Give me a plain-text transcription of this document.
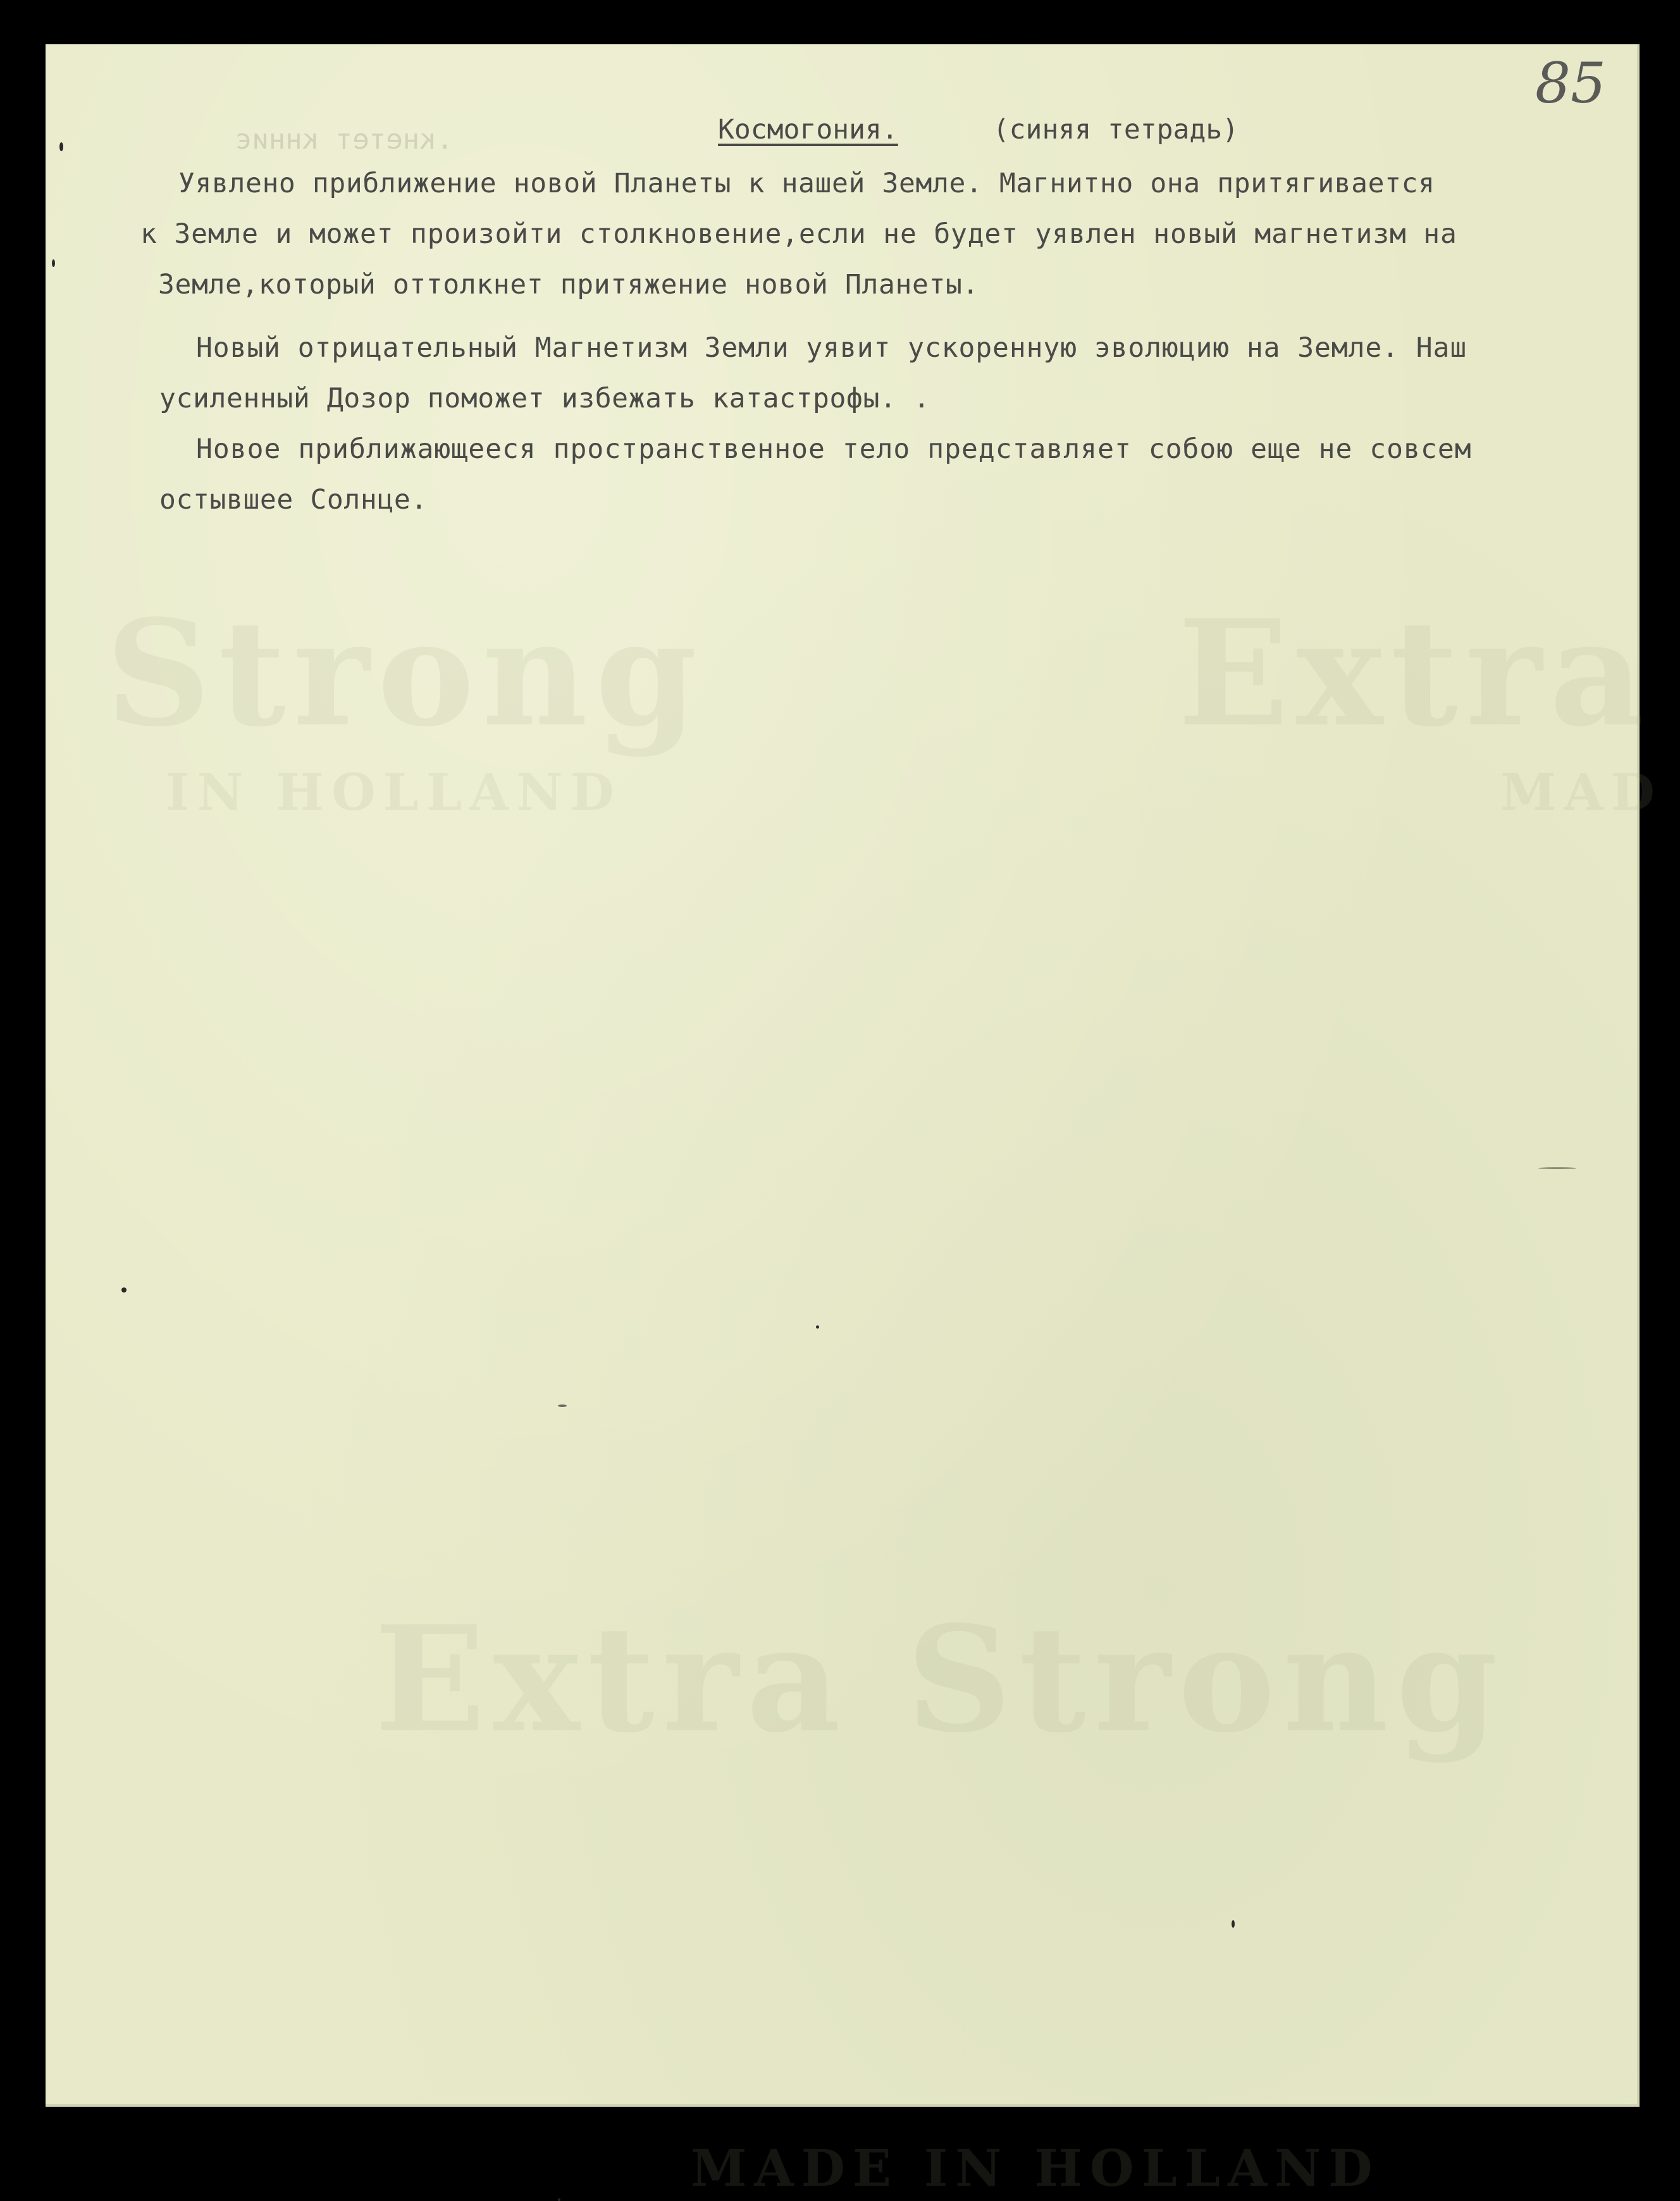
Strong	Extra
IN HOLLAND	MAD
Extra Strong
MADE IN HOLLAND
.кнетет кнниє
85
Космогония.	(синяя тетрадь)
Уявлено приближение новой Планеты к нашей Земле. Магнитно она притягивается
к Земле и может произойти столкновение,если не будет уявлен новый магнетизм на
Земле,который оттолкнет притяжение новой Планеты.
Новый отрицательный Магнетизм Земли уявит ускоренную эволюцию на Земле. Наш
усиленный Дозор поможет избежать катастрофы. .
Новое приближающееся пространственное тело представляет собою еще не совсем
остывшее Солнце.
